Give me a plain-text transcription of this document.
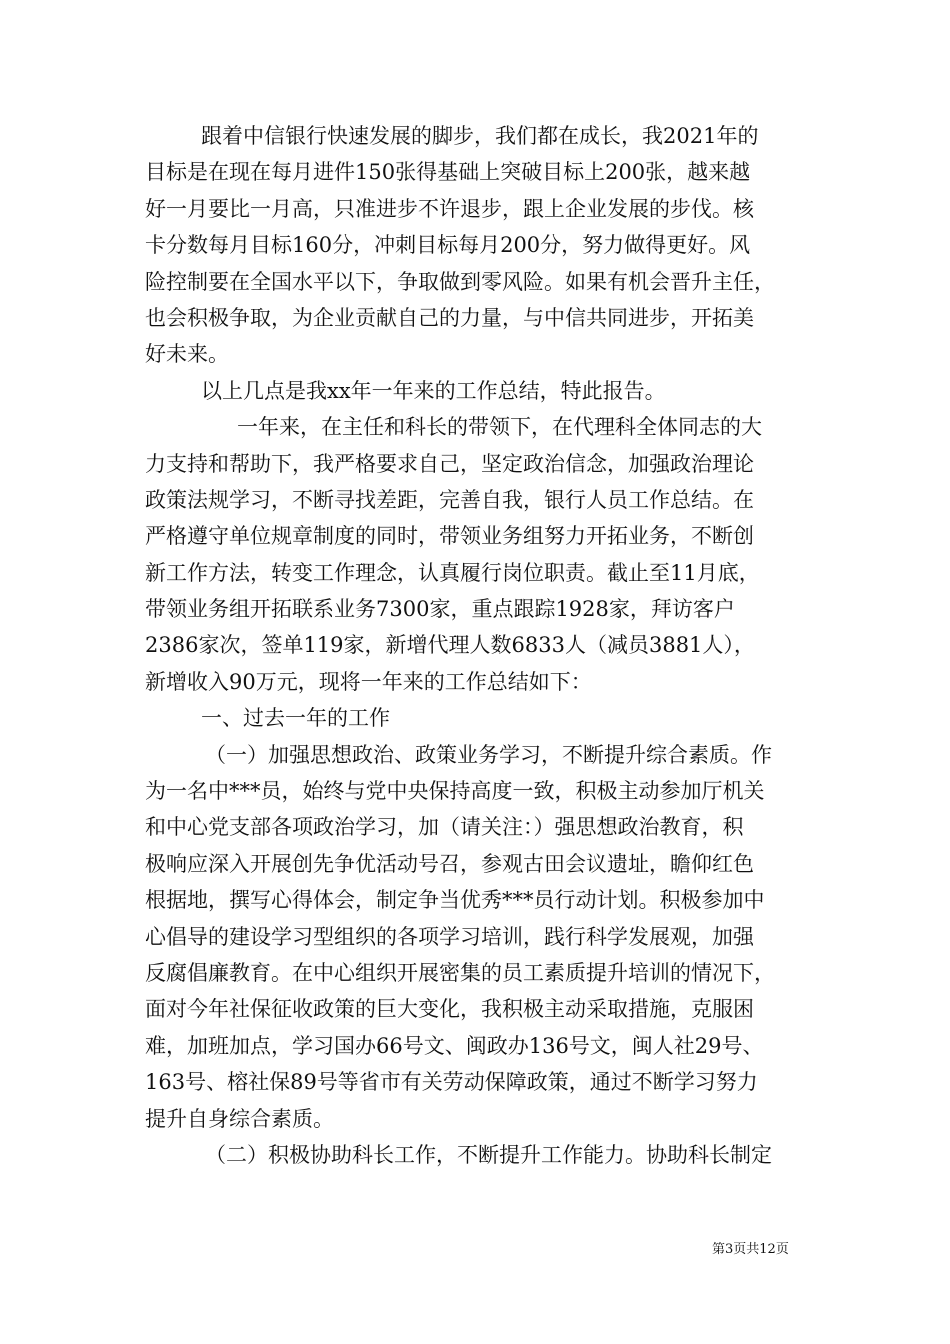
跟着中信银行快速发展的脚步，我们都在成长，我2021年的
目标是在现在每月进件150张得基础上突破目标上200张，越来越
好一月要比一月高，只准进步不许退步，跟上企业发展的步伐。核
卡分数每月目标160分，冲刺目标每月200分，努力做得更好。风
险控制要在全国水平以下，争取做到零风险。如果有机会晋升主任，
也会积极争取，为企业贡献自己的力量，与中信共同进步，开拓美
好未来。
以上几点是我xx年一年来的工作总结，特此报告。
一年来，在主任和科长的带领下，在代理科全体同志的大
力支持和帮助下，我严格要求自己，坚定政治信念，加强政治理论
政策法规学习，不断寻找差距，完善自我，银行人员工作总结。在
严格遵守单位规章制度的同时，带领业务组努力开拓业务，不断创
新工作方法，转变工作理念，认真履行岗位职责。截止至11月底，
带领业务组开拓联系业务7300家，重点跟踪1928家，拜访客户
2386家次，签单119家，新增代理人数6833人（减员3881人），
新增收入90万元，现将一年来的工作总结如下：
一、过去一年的工作
（一）加强思想政治、政策业务学习，不断提升综合素质。作
为一名中***员，始终与党中央保持高度一致，积极主动参加厅机关
和中心党支部各项政治学习，加（请关注：）强思想政治教育，积
极响应深入开展创先争优活动号召，参观古田会议遗址，瞻仰红色
根据地，撰写心得体会，制定争当优秀***员行动计划。积极参加中
心倡导的建设学习型组织的各项学习培训，践行科学发展观，加强
反腐倡廉教育。在中心组织开展密集的员工素质提升培训的情况下，
面对今年社保征收政策的巨大变化，我积极主动采取措施，克服困
难，加班加点，学习国办66号文、闽政办136号文，闽人社29号、
163号、榕社保89号等省市有关劳动保障政策，通过不断学习努力
提升自身综合素质。
（二）积极协助科长工作，不断提升工作能力。协助科长制定
第3页共12页
